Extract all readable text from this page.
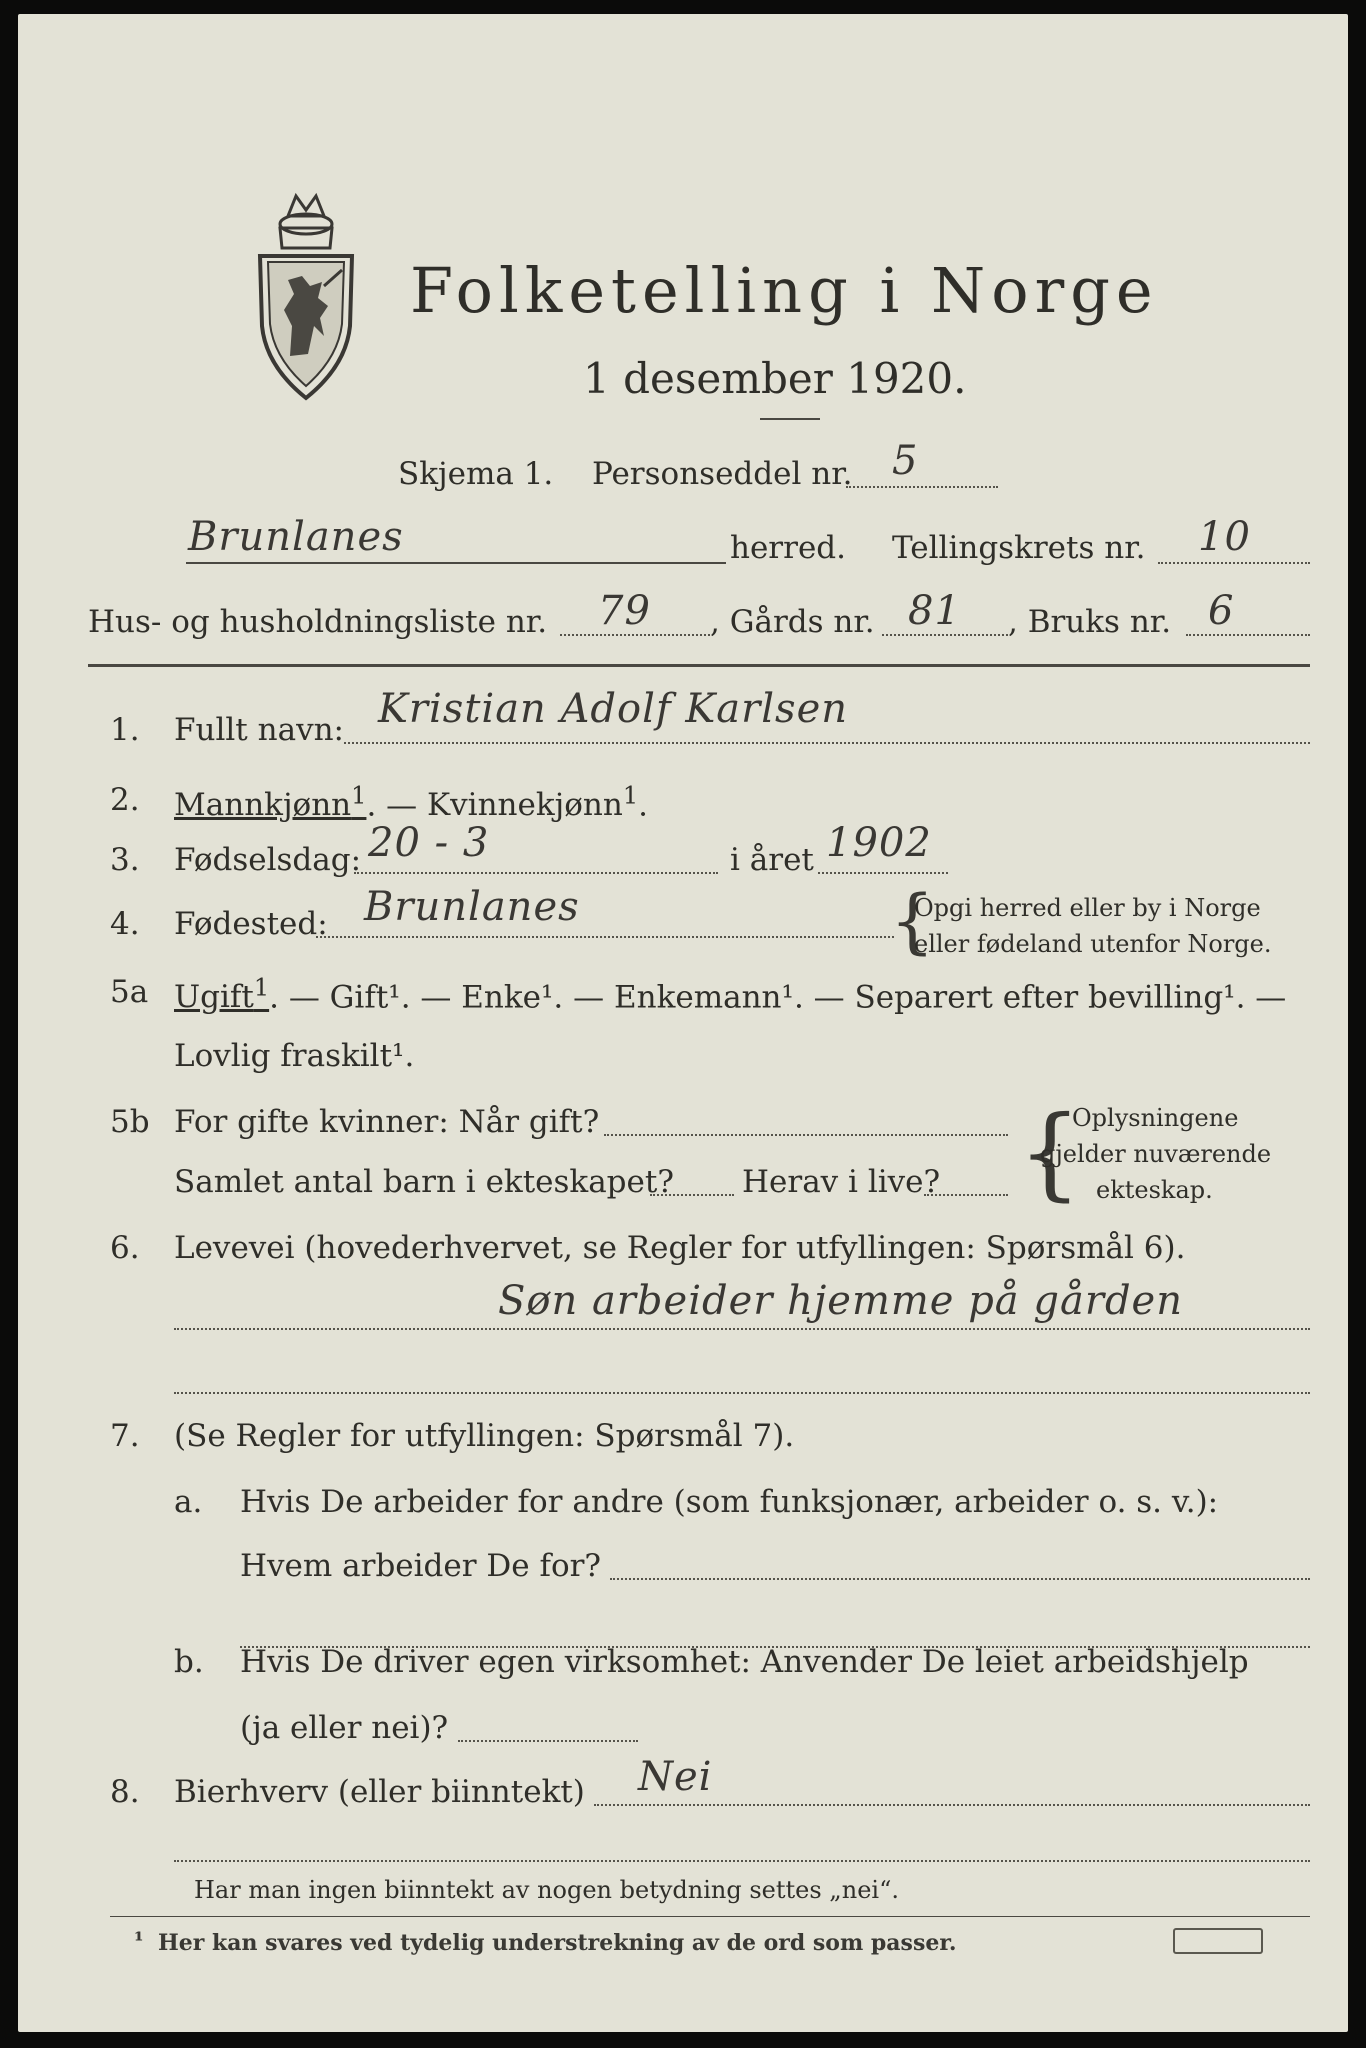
Folketelling i Norge
1 desember 1920.
Skjema 1. Personseddel nr. 5
Brunlanes	herred. Tellingskrets nr. 10
Hus- og husholdningsliste nr. 79 , Gårds nr. 81 , Bruks nr. 6
1. Fullt navn: Kristian Adolf Karlsen
2. Mannkjønn$^1$. — Kvinnekjønn$^1$.
3. Fødselsdag: 20 - 3	i året 1902
4. Fødested: Brunlanes	{
Opgi herred eller by i Norge
eller fødeland utenfor Norge.
5a Ugift$^1$. — Gift¹. — Enke¹. — Enkemann¹. — Separert efter bevilling¹. —
Lovlig fraskilt¹.
5b For gifte kvinner: Når gift?
Samlet antal barn i ekteskapet? Herav i live? {
Oplysningene
gjelder nuværende
ekteskap.
6. Levevei (hovederhvervet, se Regler for utfyllingen: Spørsmål 6).
Søn arbeider hjemme på gården
7. (Se Regler for utfyllingen: Spørsmål 7).
a. Hvis De arbeider for andre (som funksjonær, arbeider o. s. v.):
Hvem arbeider De for?
b. Hvis De driver egen virksomhet: Anvender De leiet arbeidshjelp
(ja eller nei)?
8. Bierhverv (eller biinntekt) Nei
Har man ingen biinntekt av nogen betydning settes „nei“.
¹ Her kan svares ved tydelig understrekning av de ord som passer.
